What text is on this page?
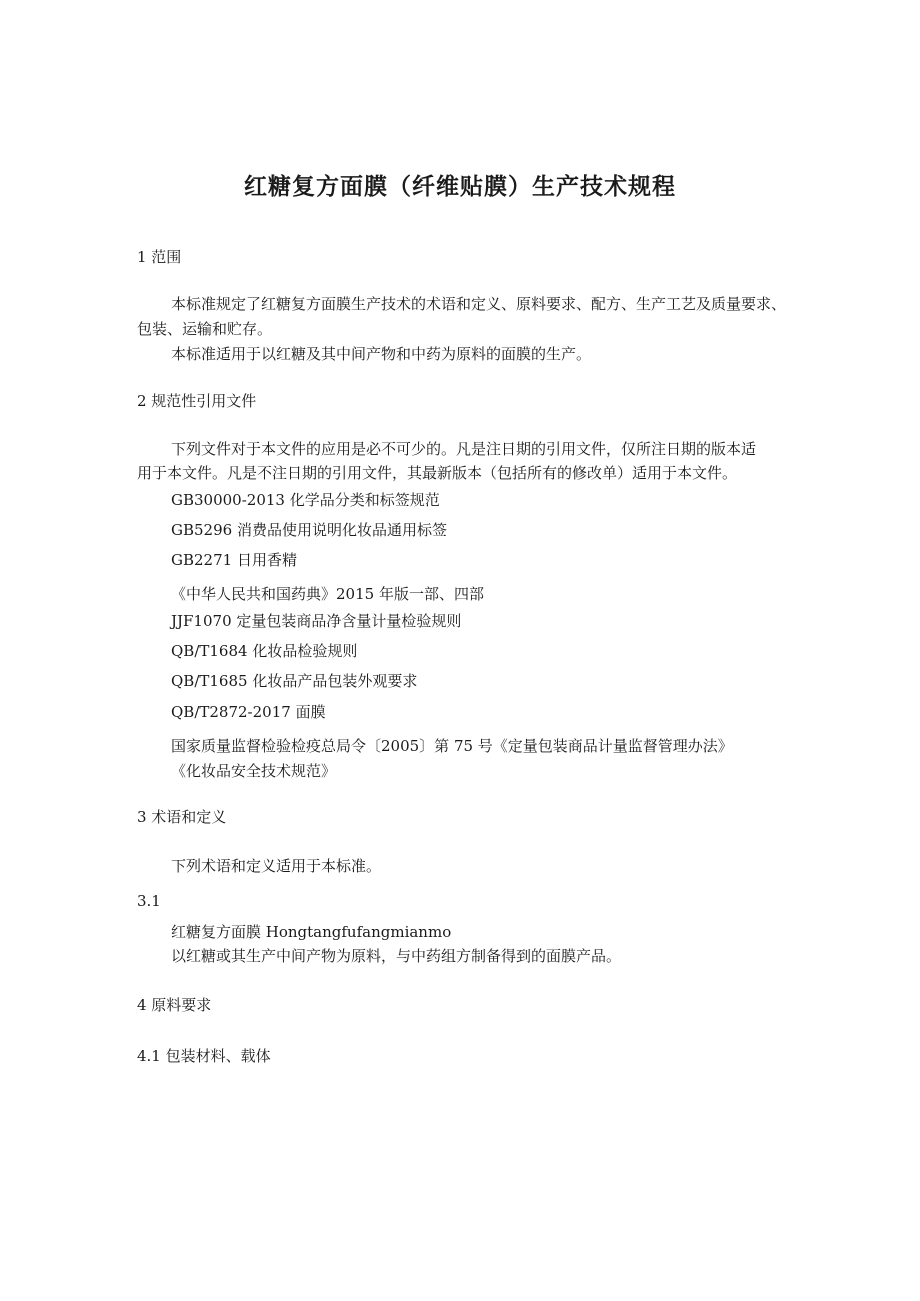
红糖复方面膜（纤维贴膜）生产技术规程
1 范围
本标准规定了红糖复方面膜生产技术的术语和定义、原料要求、配方、生产工艺及质量要求、
包装、运输和贮存。
本标准适用于以红糖及其中间产物和中药为原料的面膜的生产。
2 规范性引用文件
下列文件对于本文件的应用是必不可少的。凡是注日期的引用文件，仅所注日期的版本适
用于本文件。凡是不注日期的引用文件，其最新版本（包括所有的修改单）适用于本文件。
GB30000-2013 化学品分类和标签规范
GB5296 消费品使用说明化妆品通用标签
GB2271 日用香精
《中华人民共和国药典》2015 年版一部、四部
JJF1070 定量包装商品净含量计量检验规则
QB/T1684 化妆品检验规则
QB/T1685 化妆品产品包装外观要求
QB/T2872-2017 面膜
国家质量监督检验检疫总局令〔2005〕第 75 号《定量包装商品计量监督管理办法》
《化妆品安全技术规范》
3 术语和定义
下列术语和定义适用于本标准。
3.1
红糖复方面膜 Hongtangfufangmianmo
以红糖或其生产中间产物为原料，与中药组方制备得到的面膜产品。
4 原料要求
4.1 包装材料、载体
